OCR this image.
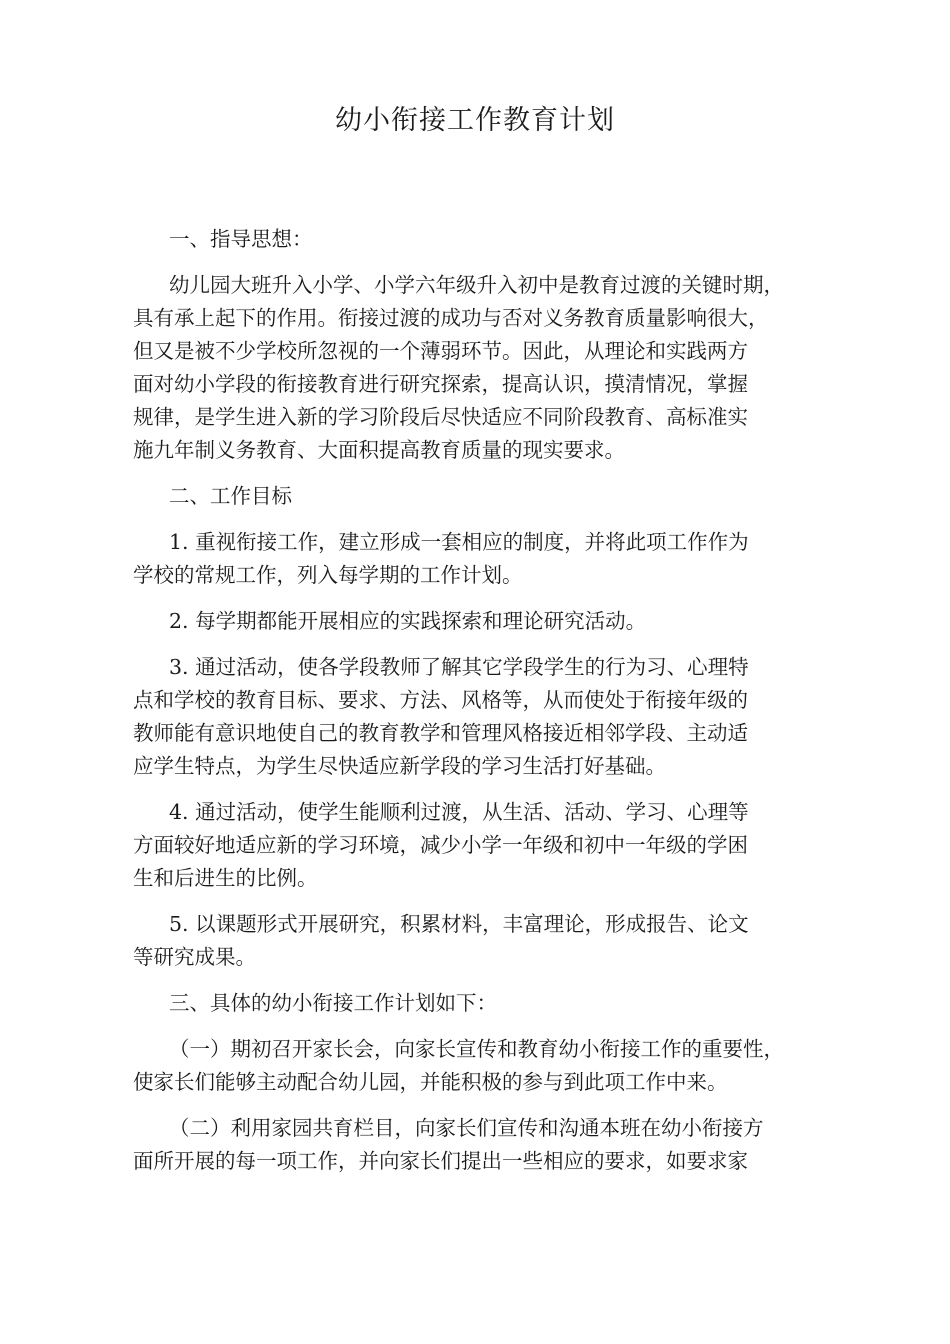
幼小衔接工作教育计划
一、指导思想：
幼儿园大班升入小学、小学六年级升入初中是教育过渡的关键时期，
具有承上起下的作用。衔接过渡的成功与否对义务教育质量影响很大，
但又是被不少学校所忽视的一个薄弱环节。因此，从理论和实践两方
面对幼小学段的衔接教育进行研究探索，提高认识，摸清情况，掌握
规律，是学生进入新的学习阶段后尽快适应不同阶段教育、高标准实
施九年制义务教育、大面积提高教育质量的现实要求。
二、工作目标
1. 重视衔接工作，建立形成一套相应的制度，并将此项工作作为
学校的常规工作，列入每学期的工作计划。
2. 每学期都能开展相应的实践探索和理论研究活动。
3. 通过活动，使各学段教师了解其它学段学生的行为习、心理特
点和学校的教育目标、要求、方法、风格等，从而使处于衔接年级的
教师能有意识地使自己的教育教学和管理风格接近相邻学段、主动适
应学生特点，为学生尽快适应新学段的学习生活打好基础。
4. 通过活动，使学生能顺利过渡，从生活、活动、学习、心理等
方面较好地适应新的学习环境，减少小学一年级和初中一年级的学困
生和后进生的比例。
5. 以课题形式开展研究，积累材料，丰富理论，形成报告、论文
等研究成果。
三、具体的幼小衔接工作计划如下：
（一）期初召开家长会，向家长宣传和教育幼小衔接工作的重要性，
使家长们能够主动配合幼儿园，并能积极的参与到此项工作中来。
（二）利用家园共育栏目，向家长们宣传和沟通本班在幼小衔接方
面所开展的每一项工作，并向家长们提出一些相应的要求，如要求家
